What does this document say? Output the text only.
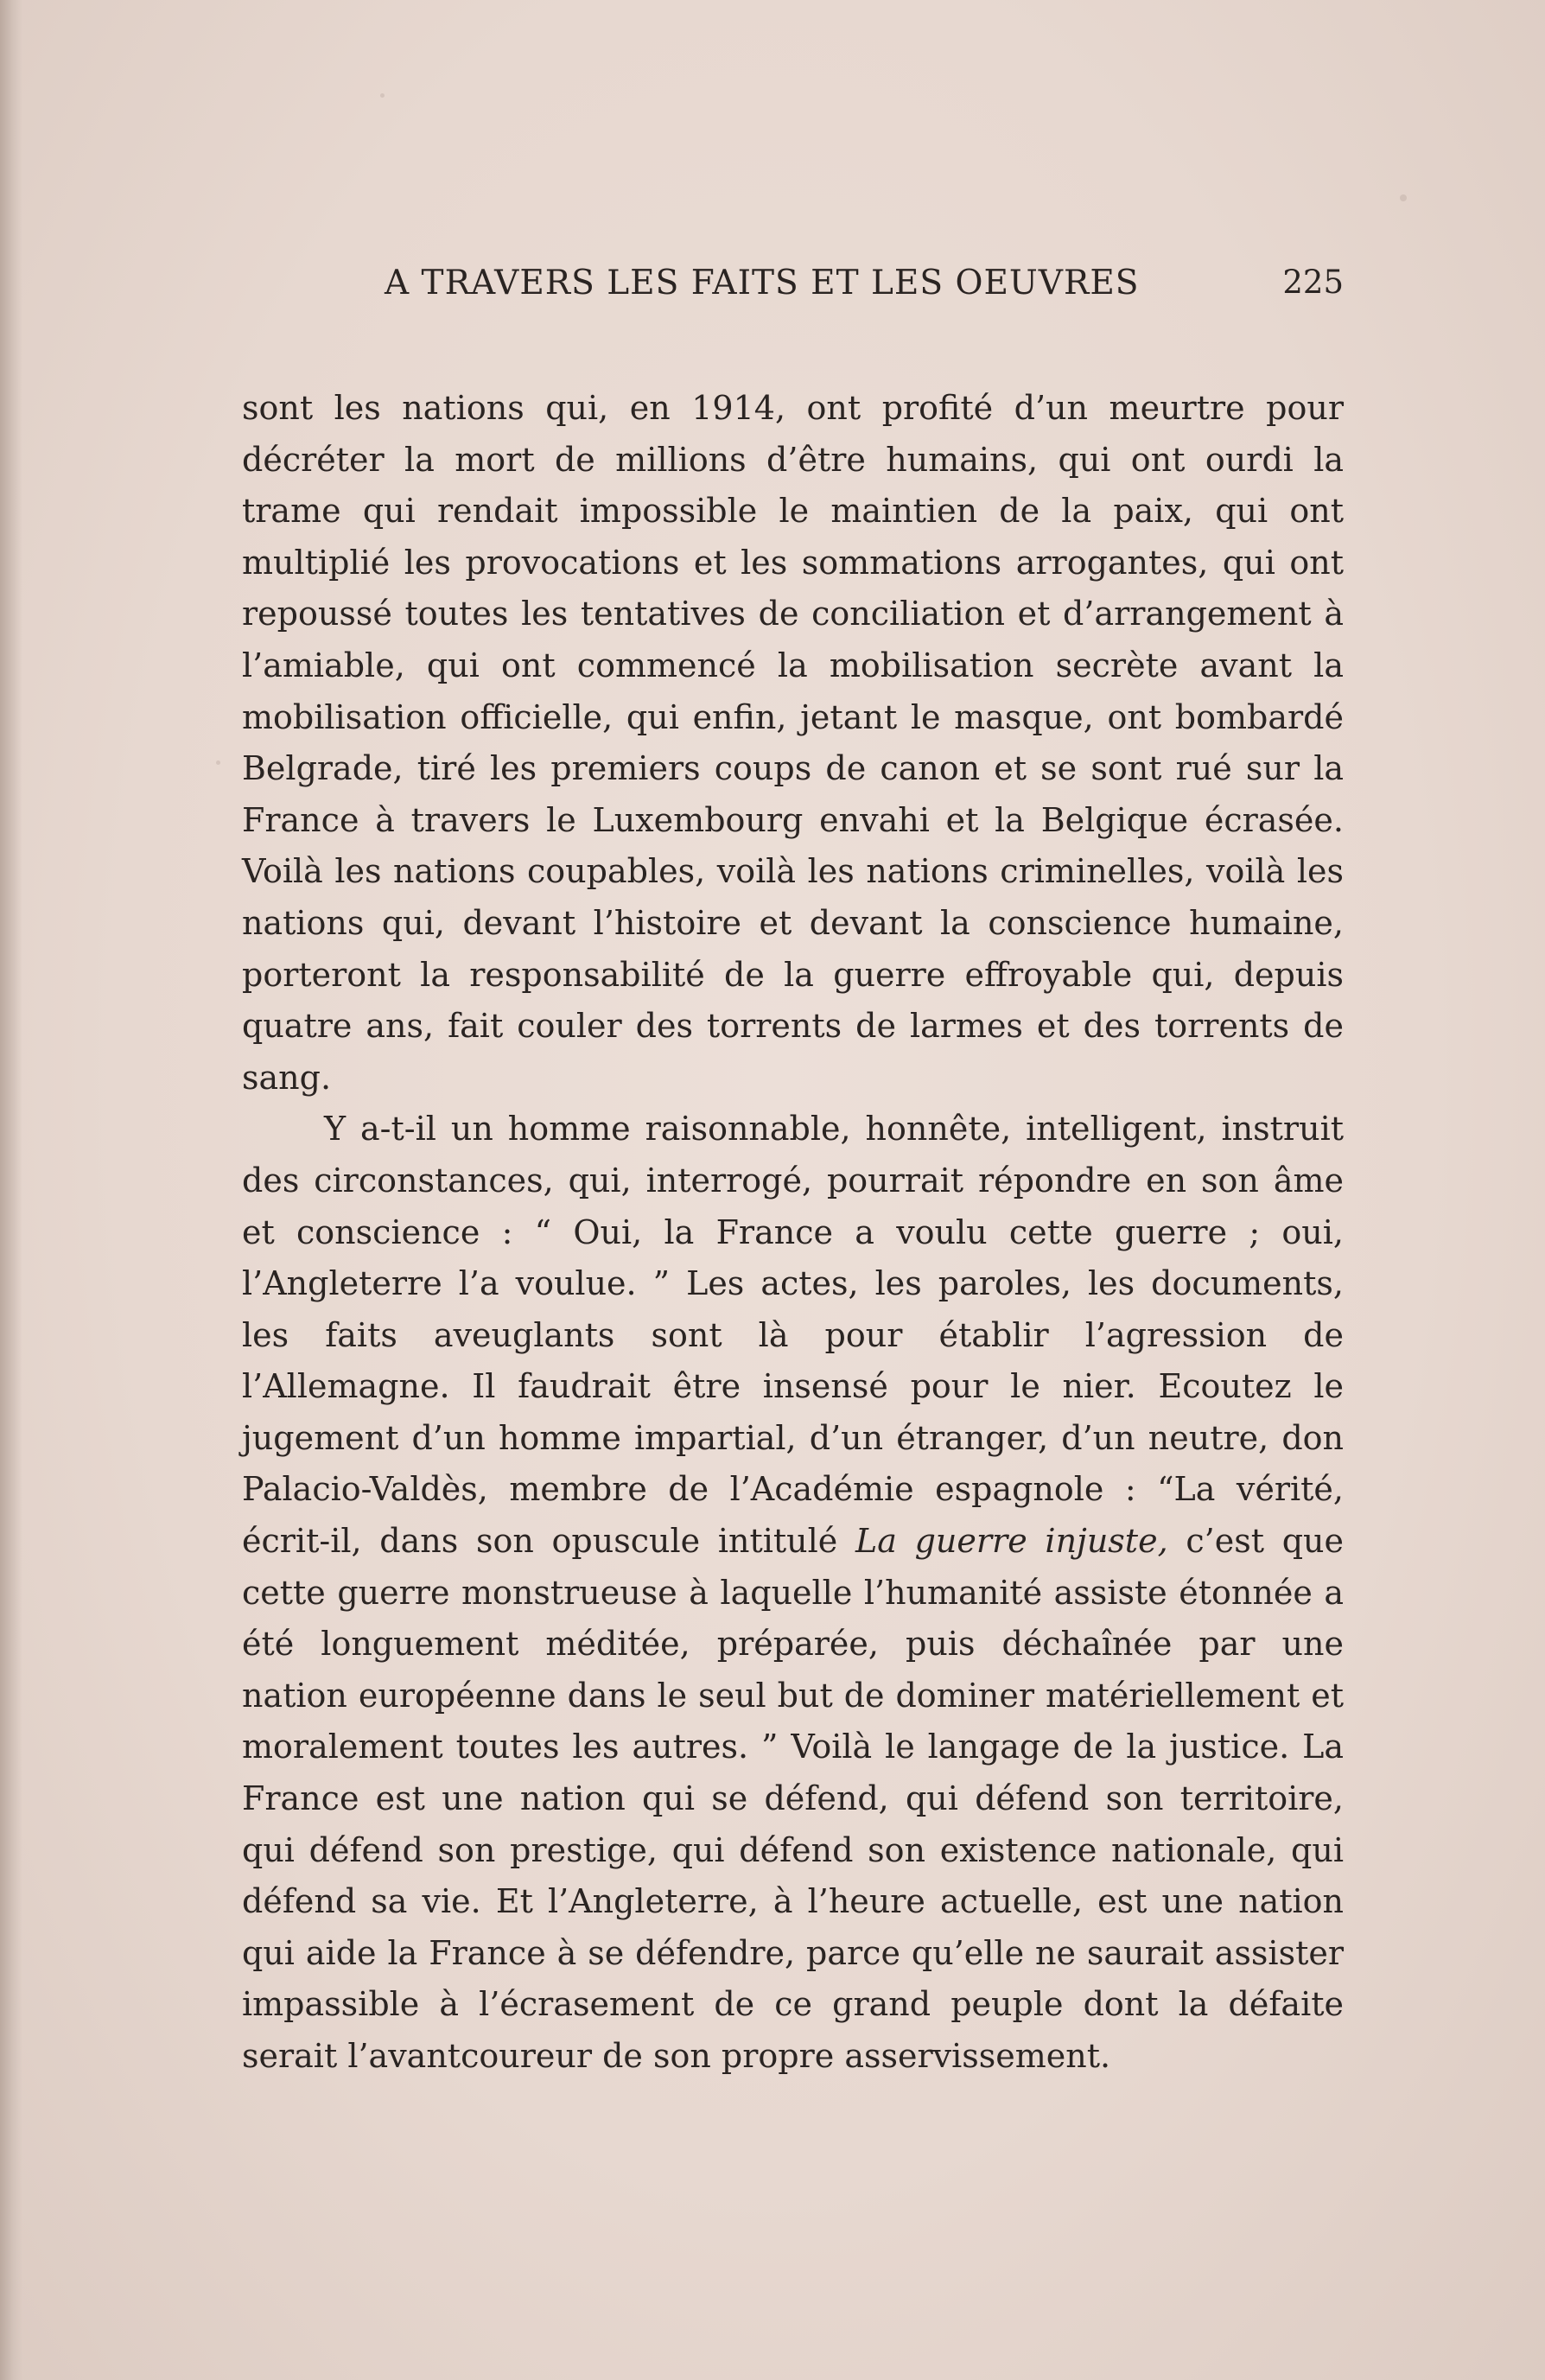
A TRAVERS LES FAITS ET LES OEUVRES	225

sont les nations qui, en 1914, ont profité d’un meurtre pour décréter la mort de millions d’être humains, qui ont ourdi la trame qui rendait impossible le maintien de la paix, qui ont multiplié les provocations et les sommations arrogantes, qui ont repoussé toutes les tentatives de conciliation et d’arrangement à l’amiable, qui ont commencé la mobilisation secrète avant la mobilisation officielle, qui enfin, jetant le masque, ont bombardé Belgrade, tiré les premiers coups de canon et se sont rué sur la France à travers le Luxembourg envahi et la Belgique écrasée. Voilà les nations coupables, voilà les nations criminelles, voilà les nations qui, devant l’histoire et devant la conscience humaine, porteront la responsabilité de la guerre effroyable qui, depuis quatre ans, fait couler des torrents de larmes et des torrents de sang.

Y a-t-il un homme raisonnable, honnête, intelligent, instruit des circonstances, qui, interrogé, pourrait répondre en son âme et conscience : “ Oui, la France a voulu cette guerre ; oui, l’Angleterre l’a voulue. ” Les actes, les paroles, les documents, les faits aveuglants sont là pour établir l’agression de l’Allemagne. Il faudrait être insensé pour le nier. Ecoutez le jugement d’un homme impartial, d’un étranger, d’un neutre, don Palacio-Valdès, membre de l’Académie espagnole : “La vérité, écrit-il, dans son opuscule intitulé La guerre injuste, c’est que cette guerre monstrueuse à laquelle l’humanité assiste étonnée a été longuement méditée, préparée, puis déchaînée par une nation européenne dans le seul but de dominer matériellement et moralement toutes les autres. ” Voilà le langage de la justice. La France est une nation qui se défend, qui défend son territoire, qui défend son prestige, qui défend son existence nationale, qui défend sa vie. Et l’Angleterre, à l’heure actuelle, est une nation qui aide la France à se défendre, parce qu’elle ne saurait assister impassible à l’écrasement de ce grand peuple dont la défaite serait l’avantcoureur de son propre asservissement.
